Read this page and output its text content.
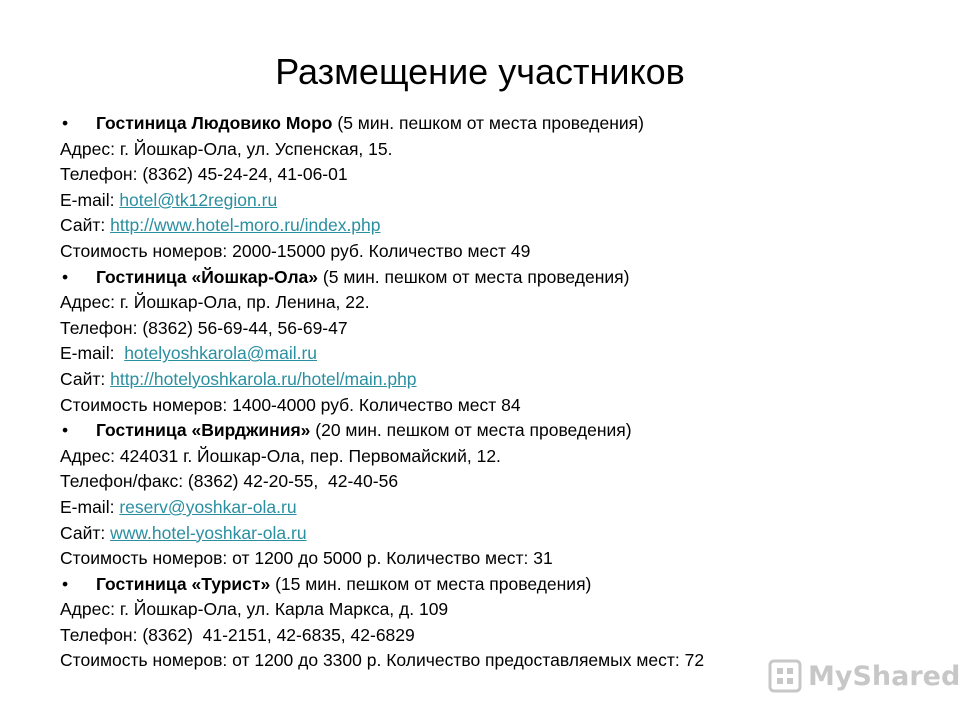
Размещение участников
• Гостиница Людовико Моро (5 мин. пешком от места проведения)
Адрес: г. Йошкар-Ола, ул. Успенская, 15.
Телефон: (8362) 45-24-24, 41-06-01
E-mail: hotel@tk12region.ru
Сайт: http://www.hotel-moro.ru/index.php
Стоимость номеров: 2000-15000 руб. Количество мест 49
• Гостиница «Йошкар-Ола» (5 мин. пешком от места проведения)
Адрес: г. Йошкар-Ола, пр. Ленина, 22.
Телефон: (8362) 56-69-44, 56-69-47
E-mail:  hotelyoshkarola@mail.ru
Сайт: http://hotelyoshkarola.ru/hotel/main.php
Стоимость номеров: 1400-4000 руб. Количество мест 84
• Гостиница «Вирджиния» (20 мин. пешком от места проведения)
Адрес: 424031 г. Йошкар-Ола, пер. Первомайский, 12.
Телефон/факс: (8362) 42-20-55,  42-40-56
E-mail: reserv@yoshkar-ola.ru
Сайт: www.hotel-yoshkar-ola.ru
Стоимость номеров: от 1200 до 5000 р. Количество мест: 31
• Гостиница «Турист» (15 мин. пешком от места проведения)
Адрес: г. Йошкар-Ола, ул. Карла Маркса, д. 109
Телефон: (8362)  41-2151, 42-6835, 42-6829
Стоимость номеров: от 1200 до 3300 р. Количество предоставляемых мест: 72
MyShared
